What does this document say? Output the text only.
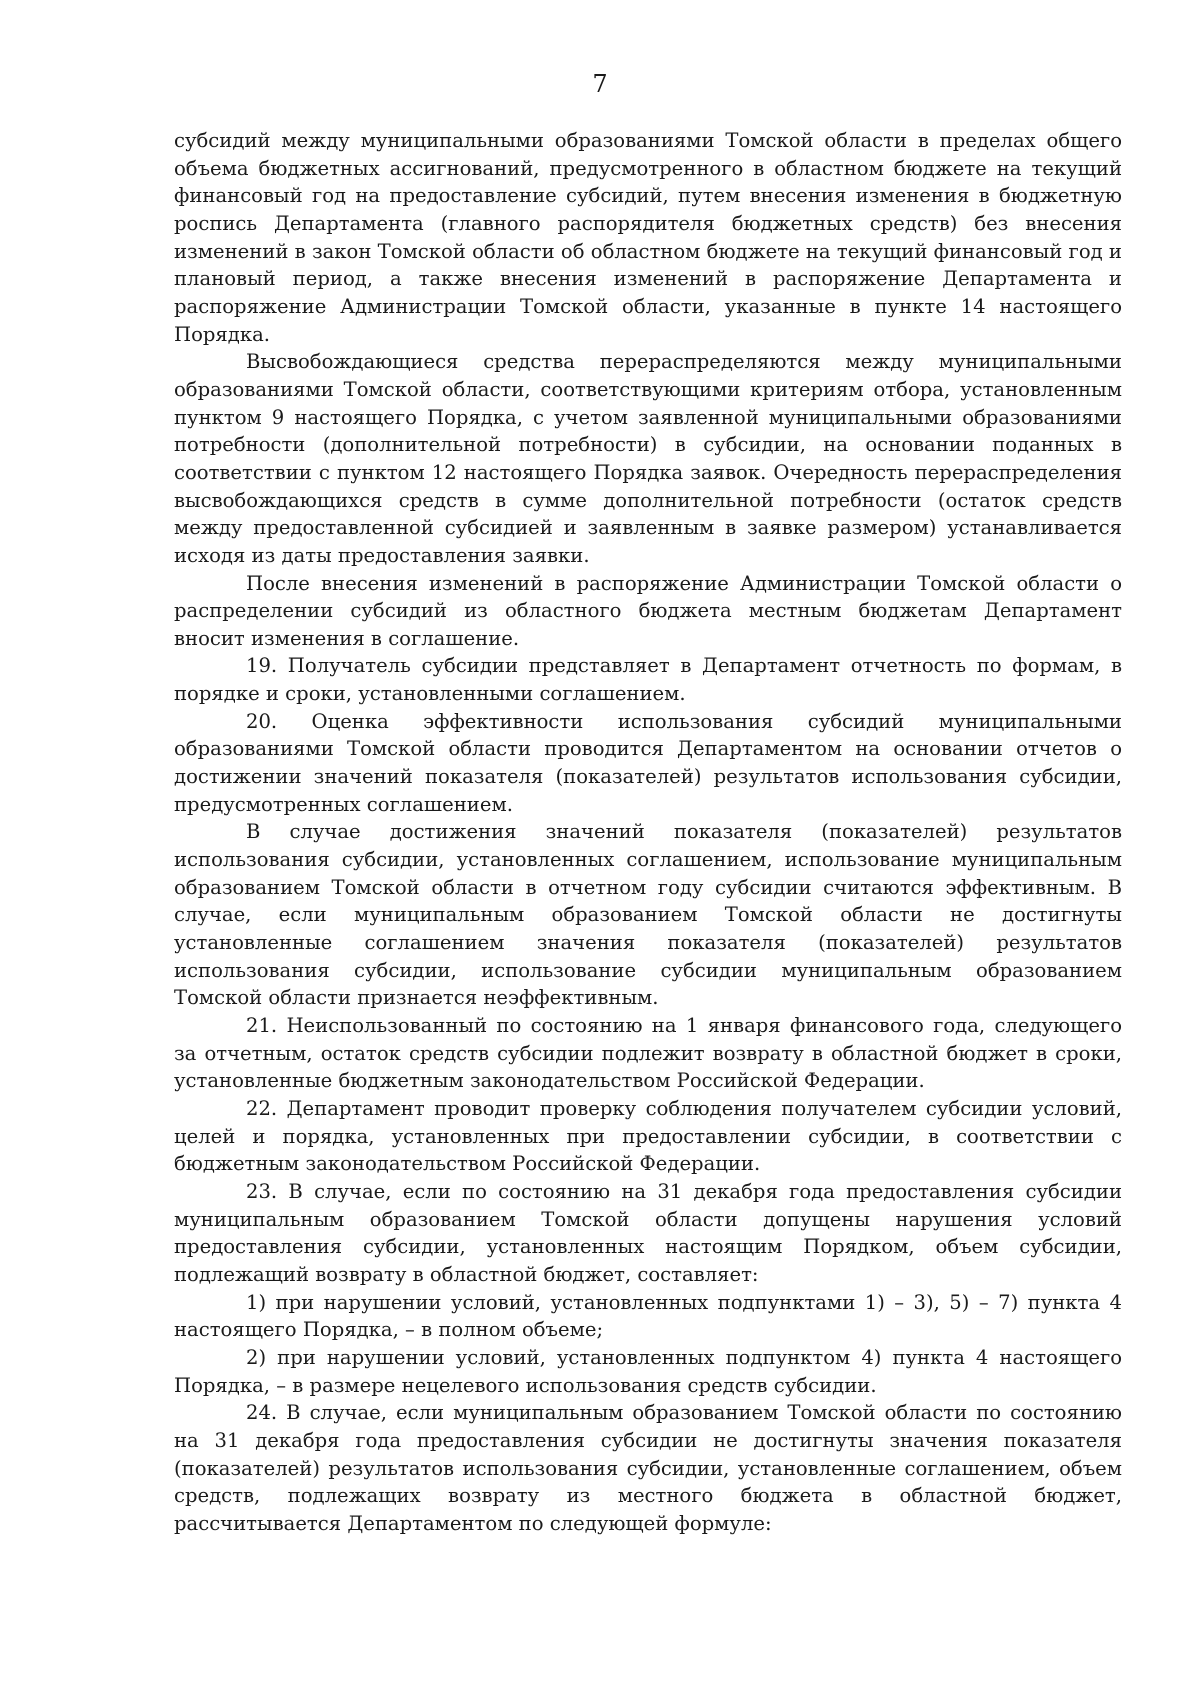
7

субсидий между муниципальными образованиями Томской области в пределах общего объема бюджетных ассигнований, предусмотренного в областном бюджете на текущий финансовый год на предоставление субсидий, путем внесения изменения в бюджетную роспись Департамента (главного распорядителя бюджетных средств) без внесения изменений в закон Томской области об областном бюджете на текущий финансовый год и плановый период, а также внесения изменений в распоряжение Департамента и распоряжение Администрации Томской области, указанные в пункте 14 настоящего Порядка.

Высвобождающиеся средства перераспределяются между муниципальными образованиями Томской области, соответствующими критериям отбора, установленным пунктом 9 настоящего Порядка, с учетом заявленной муниципальными образованиями потребности (дополнительной потребности) в субсидии, на основании поданных в соответствии с пунктом 12 настоящего Порядка заявок. Очередность перераспределения высвобождающихся средств в сумме дополнительной потребности (остаток средств между предоставленной субсидией и заявленным в заявке размером) устанавливается исходя из даты предоставления заявки.

После внесения изменений в распоряжение Администрации Томской области о распределении субсидий из областного бюджета местным бюджетам Департамент вносит изменения в соглашение.

19. Получатель субсидии представляет в Департамент отчетность по формам, в порядке и сроки, установленными соглашением.

20. Оценка эффективности использования субсидий муниципальными образованиями Томской области проводится Департаментом на основании отчетов о достижении значений показателя (показателей) результатов использования субсидии, предусмотренных соглашением.

В случае достижения значений показателя (показателей) результатов использования субсидии, установленных соглашением, использование муниципальным образованием Томской области в отчетном году субсидии считаются эффективным. В случае, если муниципальным образованием Томской области не достигнуты установленные соглашением значения показателя (показателей) результатов использования субсидии, использование субсидии муниципальным образованием Томской области признается неэффективным.

21. Неиспользованный по состоянию на 1 января финансового года, следующего за отчетным, остаток средств субсидии подлежит возврату в областной бюджет в сроки, установленные бюджетным законодательством Российской Федерации.

22. Департамент проводит проверку соблюдения получателем субсидии условий, целей и порядка, установленных при предоставлении субсидии, в соответствии с бюджетным законодательством Российской Федерации.

23. В случае, если по состоянию на 31 декабря года предоставления субсидии муниципальным образованием Томской области допущены нарушения условий предоставления субсидии, установленных настоящим Порядком, объем субсидии, подлежащий возврату в областной бюджет, составляет:

1) при нарушении условий, установленных подпунктами 1) – 3), 5) – 7) пункта 4 настоящего Порядка, – в полном объеме;

2) при нарушении условий, установленных подпунктом 4) пункта 4 настоящего Порядка, – в размере нецелевого использования средств субсидии.

24. В случае, если муниципальным образованием Томской области по состоянию на 31 декабря года предоставления субсидии не достигнуты значения показателя (показателей) результатов использования субсидии, установленные соглашением, объем средств, подлежащих возврату из местного бюджета в областной бюджет, рассчитывается Департаментом по следующей формуле:
